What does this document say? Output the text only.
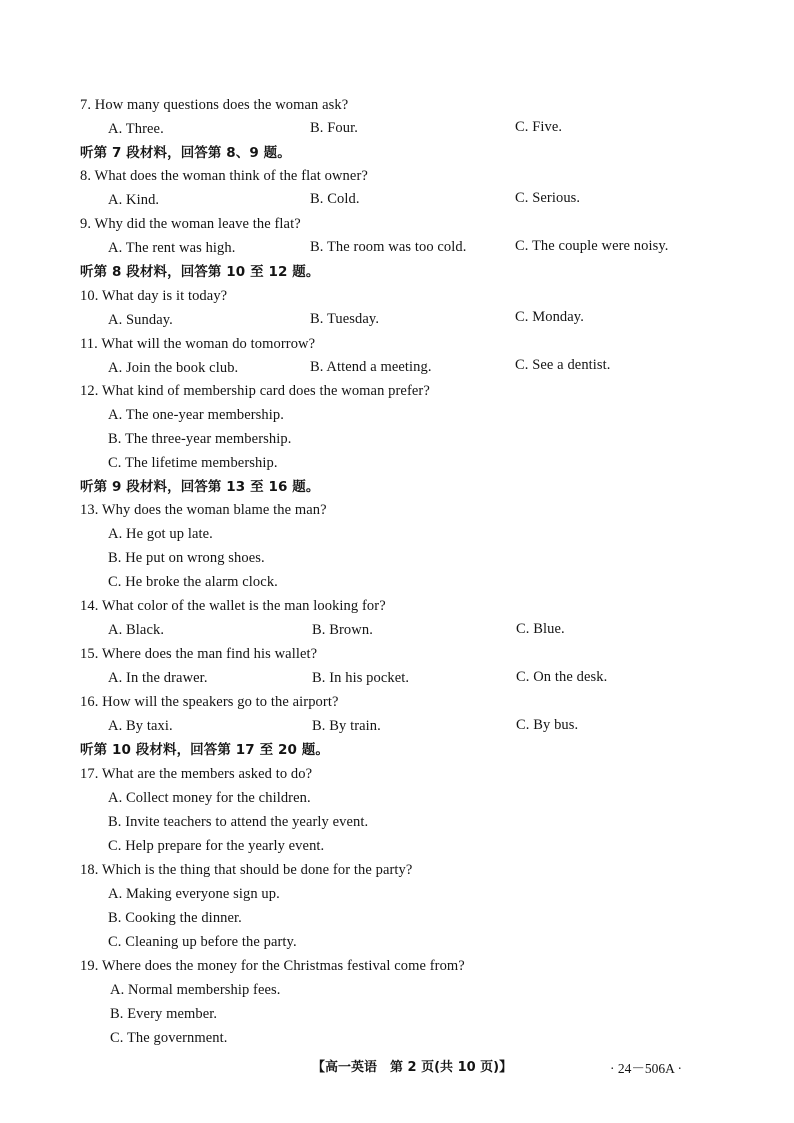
7. How many questions does the woman ask?
A. Three.	B. Four.	C. Five.
听第 7 段材料，回答第 8、9 题。
8. What does the woman think of the flat owner?
A. Kind.	B. Cold.	C. Serious.
9. Why did the woman leave the flat?
A. The rent was high.	B. The room was too cold.	C. The couple were noisy.
听第 8 段材料，回答第 10 至 12 题。
10. What day is it today?
A. Sunday.	B. Tuesday.	C. Monday.
11. What will the woman do tomorrow?
A. Join the book club.	B. Attend a meeting.	C. See a dentist.
12. What kind of membership card does the woman prefer?
A. The one-year membership.
B. The three-year membership.
C. The lifetime membership.
听第 9 段材料，回答第 13 至 16 题。
13. Why does the woman blame the man?
A. He got up late.
B. He put on wrong shoes.
C. He broke the alarm clock.
14. What color of the wallet is the man looking for?
A. Black.	B. Brown.	C. Blue.
15. Where does the man find his wallet?
A. In the drawer.	B. In his pocket.	C. On the desk.
16. How will the speakers go to the airport?
A. By taxi.	B. By train.	C. By bus.
听第 10 段材料，回答第 17 至 20 题。
17. What are the members asked to do?
A. Collect money for the children.
B. Invite teachers to attend the yearly event.
C. Help prepare for the yearly event.
18. Which is the thing that should be done for the party?
A. Making everyone sign up.
B. Cooking the dinner.
C. Cleaning up before the party.
19. Where does the money for the Christmas festival come from?
A. Normal membership fees.
B. Every member.
C. The government.
【高一英语　第 2 页(共 10 页)】	· 24－506A ·
